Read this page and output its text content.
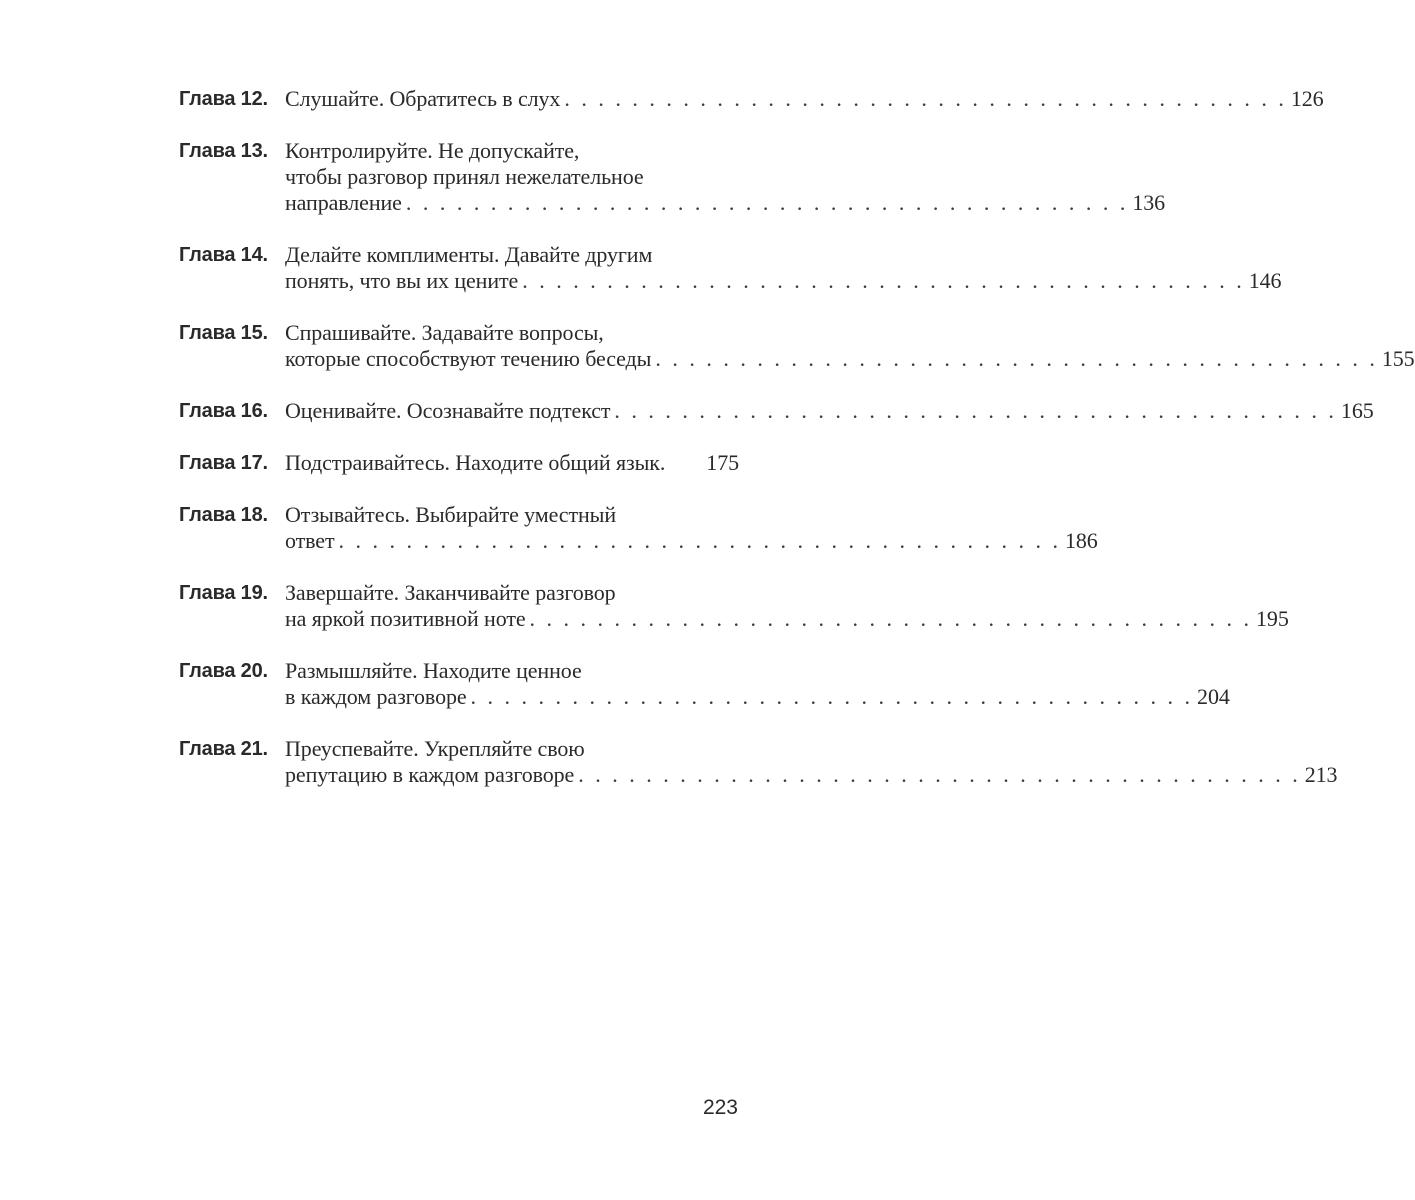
Глава 12. Слушайте. Обратитесь в слух . . . . . . . . . . . . . . . . . . . . . . . . . . . . . . . . . . . . . . . . . . . 126
Глава 13. Контролируйте. Не допускайте,
чтобы разговор принял нежелательное
направление . . . . . . . . . . . . . . . . . . . . . . . . . . . . . . . . . . . . . . . . . . . 136
Глава 14. Делайте комплименты. Давайте другим
понять, что вы их цените . . . . . . . . . . . . . . . . . . . . . . . . . . . . . . . . . . . . . . . . . . . 146
Глава 15. Спрашивайте. Задавайте вопросы,
которые способствуют течению беседы . . . . . . . . . . . . . . . . . . . . . . . . . . . . . . . . . . . . . . . . . . . 155
Глава 16. Оценивайте. Осознавайте подтекст . . . . . . . . . . . . . . . . . . . . . . . . . . . . . . . . . . . . . . . . . . . 165
Глава 17. Подстраивайтесь. Находите общий язык. 175
Глава 18. Отзывайтесь. Выбирайте уместный
ответ . . . . . . . . . . . . . . . . . . . . . . . . . . . . . . . . . . . . . . . . . . . 186
Глава 19. Завершайте. Заканчивайте разговор
на яркой позитивной ноте . . . . . . . . . . . . . . . . . . . . . . . . . . . . . . . . . . . . . . . . . . . 195
Глава 20. Размышляйте. Находите ценное
в каждом разговоре . . . . . . . . . . . . . . . . . . . . . . . . . . . . . . . . . . . . . . . . . . . 204
Глава 21. Преуспевайте. Укрепляйте свою
репутацию в каждом разговоре . . . . . . . . . . . . . . . . . . . . . . . . . . . . . . . . . . . . . . . . . . . 213
223
